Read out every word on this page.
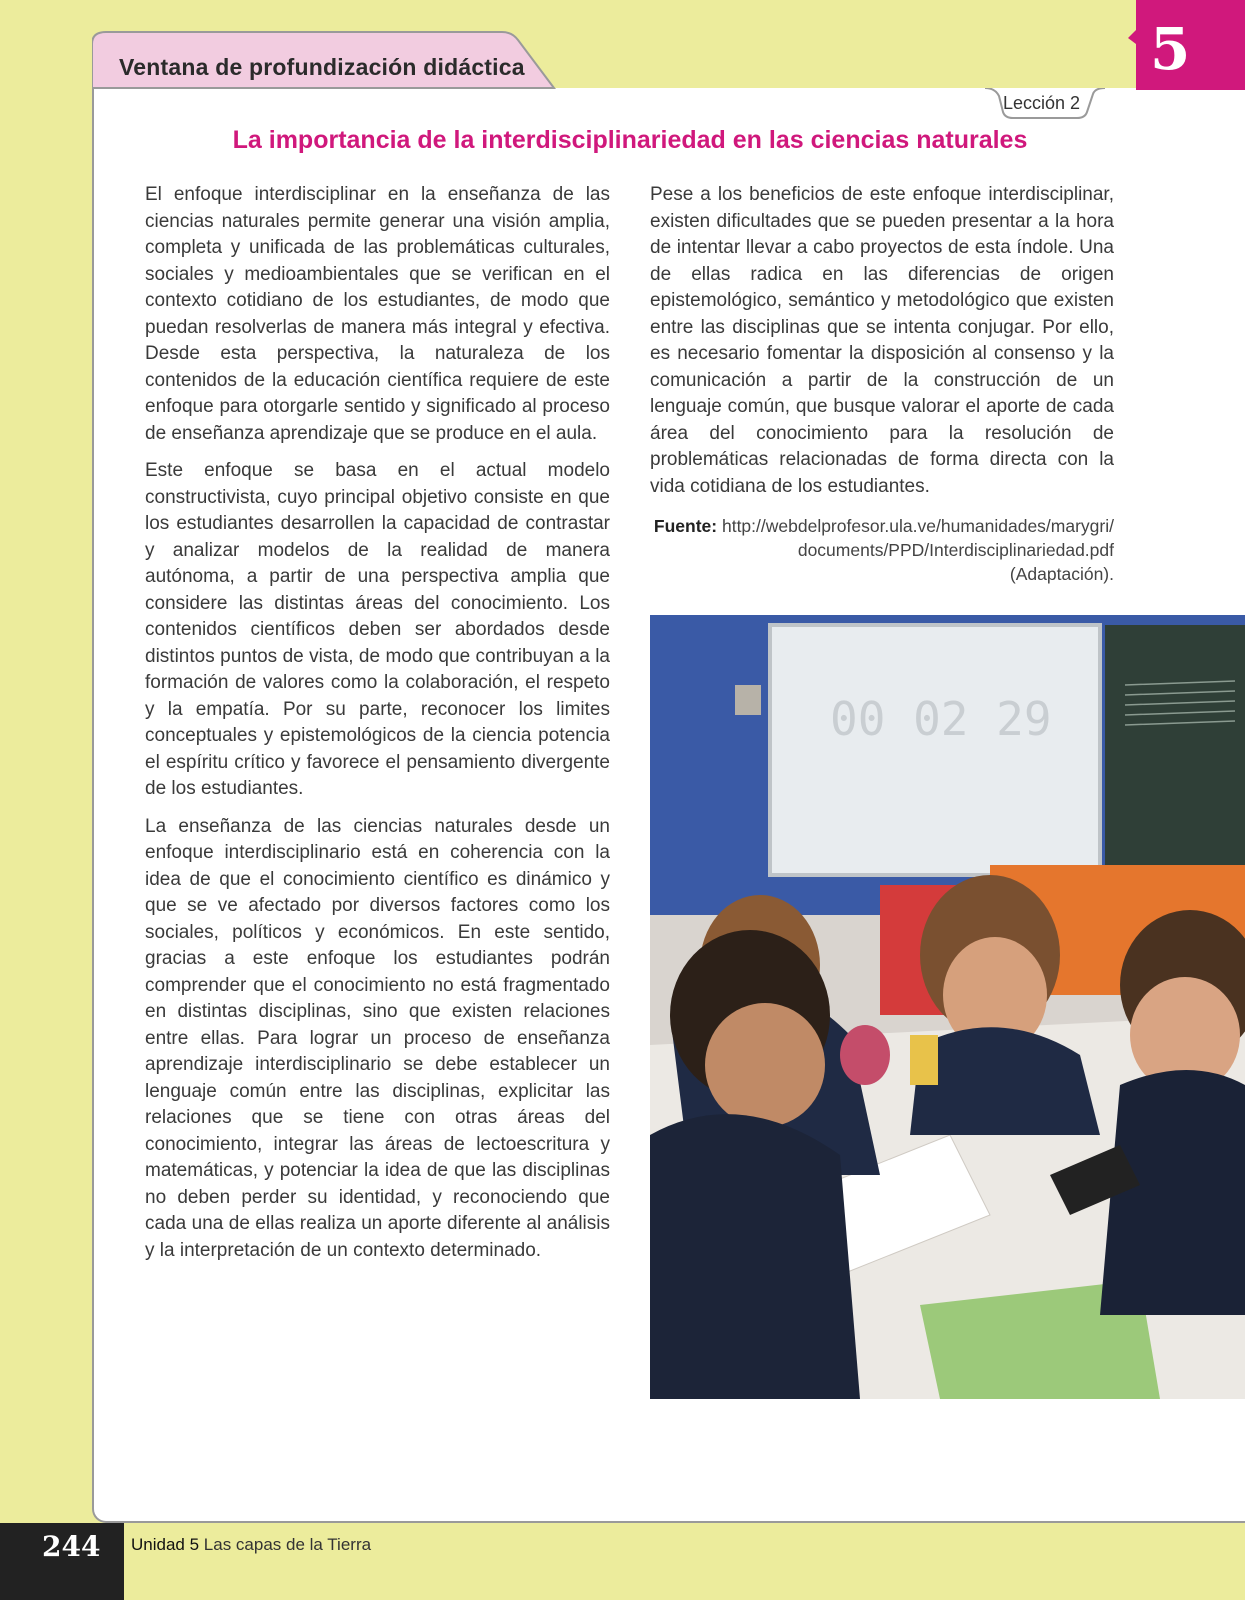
Ventana de profundización didáctica	5
Lección 2
La importancia de la interdisciplinariedad en las ciencias naturales

El enfoque interdisciplinar en la enseñanza de las ciencias naturales permite generar una visión amplia, completa y unificada de las problemáticas culturales, sociales y medioambientales que se verifican en el contexto cotidiano de los estudiantes, de modo que puedan resolverlas de manera más integral y efectiva. Desde esta perspectiva, la naturaleza de los contenidos de la educación científica requiere de este enfoque para otorgarle sentido y significado al proceso de enseñanza aprendizaje que se produce en el aula.

Este enfoque se basa en el actual modelo constructivista, cuyo principal objetivo consiste en que los estudiantes desarrollen la capacidad de contrastar y analizar modelos de la realidad de manera autónoma, a partir de una perspectiva amplia que considere las distintas áreas del conocimiento. Los contenidos científicos deben ser abordados desde distintos puntos de vista, de modo que contribuyan a la formación de valores como la colaboración, el respeto y la empatía. Por su parte, reconocer los limites conceptuales y epistemológicos de la ciencia potencia el espíritu crítico y favorece el pensamiento divergente de los estudiantes.

La enseñanza de las ciencias naturales desde un enfoque interdisciplinario está en coherencia con la idea de que el conocimiento científico es dinámico y que se ve afectado por diversos factores como los sociales, políticos y económicos. En este sentido, gracias a este enfoque los estudiantes podrán comprender que el conocimiento no está fragmentado en distintas disciplinas, sino que existen relaciones entre ellas. Para lograr un proceso de enseñanza aprendizaje interdisciplinario se debe establecer un lenguaje común entre las disciplinas, explicitar las relaciones que se tiene con otras áreas del conocimiento, integrar las áreas de lectoescritura y matemáticas, y potenciar la idea de que las disciplinas no deben perder su identidad, y reconociendo que cada una de ellas realiza un aporte diferente al análisis y la interpretación de un contexto determinado.

Pese a los beneficios de este enfoque interdisciplinar, existen dificultades que se pueden presentar a la hora de intentar llevar a cabo proyectos de esta índole. Una de ellas radica en las diferencias de origen epistemológico, semántico y metodológico que existen entre las disciplinas que se intenta conjugar. Por ello, es necesario fomentar la disposición al consenso y la comunicación a partir de la construcción de un lenguaje común, que busque valorar el aporte de cada área del conocimiento para la resolución de problemáticas relacionadas de forma directa con la vida cotidiana de los estudiantes.

Fuente: http://webdelprofesor.ula.ve/humanidades/marygri/documents/PPD/Interdisciplinariedad.pdf
(Adaptación).
00 02 29
244 Unidad 5 Las capas de la Tierra
